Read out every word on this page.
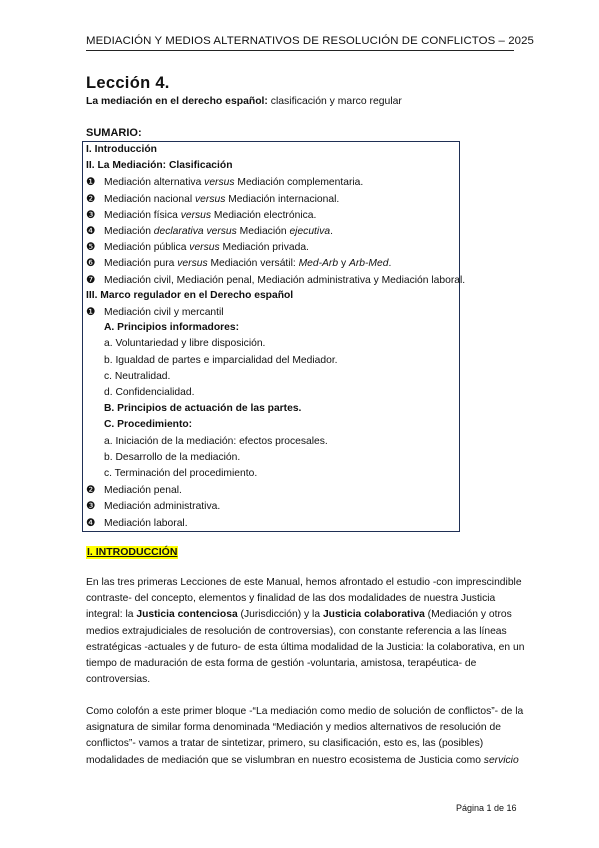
MEDIACIÓN Y MEDIOS ALTERNATIVOS DE RESOLUCIÓN DE CONFLICTOS – 2025
Lección 4.
La mediación en el derecho español: clasificación y marco regular
SUMARIO:
I. Introducción
II. La Mediación: Clasificación
❶ Mediación alternativa versus Mediación complementaria.
❷ Mediación nacional versus Mediación internacional.
❸ Mediación física versus Mediación electrónica.
❹ Mediación declarativa versus Mediación ejecutiva.
❺ Mediación pública versus Mediación privada.
❻ Mediación pura versus Mediación versátil: Med-Arb y Arb-Med.
❼ Mediación civil, Mediación penal, Mediación administrativa y Mediación laboral.
III. Marco regulador en el Derecho español
❶ Mediación civil y mercantil
A. Principios informadores:
a. Voluntariedad y libre disposición.
b. Igualdad de partes e imparcialidad del Mediador.
c. Neutralidad.
d. Confidencialidad.
B. Principios de actuación de las partes.
C. Procedimiento:
a. Iniciación de la mediación: efectos procesales.
b. Desarrollo de la mediación.
c. Terminación del procedimiento.
❷ Mediación penal.
❸ Mediación administrativa.
❹ Mediación laboral.
I. INTRODUCCIÓN
En las tres primeras Lecciones de este Manual, hemos afrontado el estudio -con imprescindible
contraste- del concepto, elementos y finalidad de las dos modalidades de nuestra Justicia
integral: la Justicia contenciosa (Jurisdicción) y la Justicia colaborativa (Mediación y otros
medios extrajudiciales de resolución de controversias), con constante referencia a las líneas
estratégicas -actuales y de futuro- de esta última modalidad de la Justicia: la colaborativa, en un
tiempo de maduración de esta forma de gestión -voluntaria, amistosa, terapéutica- de
controversias.
Como colofón a este primer bloque -“La mediación como medio de solución de conflictos”- de la
asignatura de similar forma denominada “Mediación y medios alternativos de resolución de
conflictos”- vamos a tratar de sintetizar, primero, su clasificación, esto es, las (posibles)
modalidades de mediación que se vislumbran en nuestro ecosistema de Justicia como servicio
Página 1 de 16
